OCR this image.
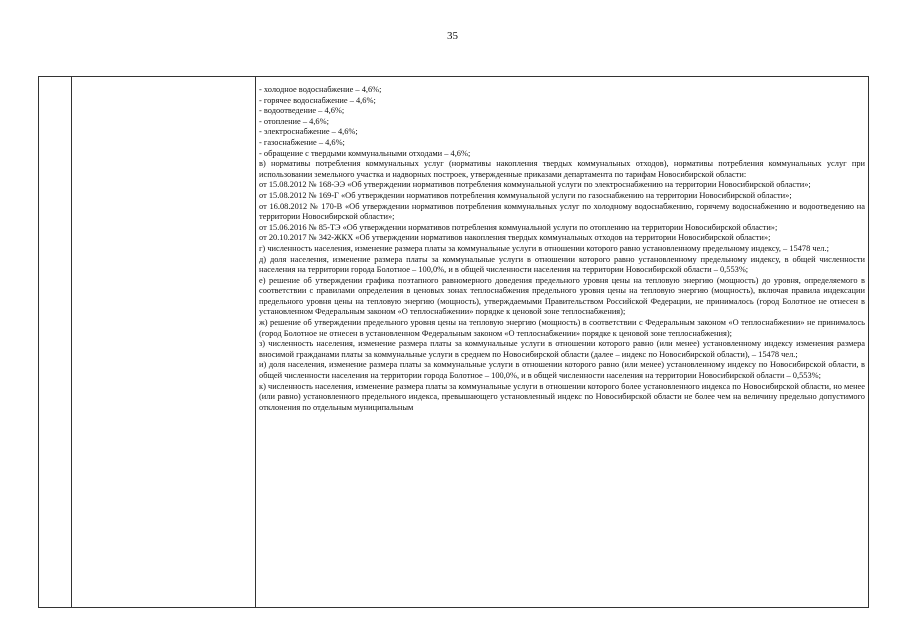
35

- холодное водоснабжение – 4,6%;

- горячее водоснабжение – 4,6%;

- водоотведение – 4,6%;

- отопление – 4,6%;

- электроснабжение – 4,6%;

- газоснабжение – 4,6%;

- обращение с твердыми коммунальными отходами – 4,6%;

в) нормативы потребления коммунальных услуг (нормативы накопления твердых коммунальных отходов), нормативы потребления коммунальных услуг при использовании земельного участка и надворных построек, утвержденные приказами департамента по тарифам Новосибирской области:

от 15.08.2012 № 168-ЭЭ «Об утверждении нормативов потребления коммунальной услуги по электроснабжению на территории Новосибирской области»;

от 15.08.2012 № 169-Г «Об утверждении нормативов потребления коммунальной услуги по газоснабжению на территории Новосибирской области»;

от 16.08.2012 № 170-В «Об утверждении нормативов потребления коммунальных услуг по холодному водоснабжению, горячему водоснабжению и водоотведению на территории Новосибирской области»;

от 15.06.2016 № 85-ТЭ «Об утверждении нормативов потребления коммунальной услуги по отоплению на территории Новосибирской области»;

от 20.10.2017 № 342-ЖКХ «Об утверждении нормативов накопления твердых коммунальных отходов на территории Новосибирской области»;

г) численность населения, изменение размера платы за коммунальные услуги в отношении которого равно установленному предельному индексу, – 15478 чел.;

д) доля населения, изменение размера платы за коммунальные услуги в отношении которого равно установленному предельному индексу, в общей численности населения на территории города Болотное – 100,0%, и в общей численности населения на территории Новосибирской области – 0,553%;

е) решение об утверждении графика поэтапного равномерного доведения предельного уровня цены на тепловую энергию (мощность) до уровня, определяемого в соответствии с правилами определения в ценовых зонах теплоснабжения предельного уровня цены на тепловую энергию (мощность), включая правила индексации предельного уровня цены на тепловую энергию (мощность), утверждаемыми Правительством Российской Федерации, не принималось (город Болотное не отнесен в установленном Федеральным законом «О теплоснабжении» порядке к ценовой зоне теплоснабжения);

ж) решение об утверждении предельного уровня цены на тепловую энергию (мощность) в соответствии с Федеральным законом «О теплоснабжении» не принималось (город Болотное не отнесен в установленном Федеральным законом «О теплоснабжении» порядке к ценовой зоне теплоснабжения);

з) численность населения, изменение размера платы за коммунальные услуги в отношении которого равно (или менее) установленному индексу изменения размера вносимой гражданами платы за коммунальные услуги в среднем по Новосибирской области (далее – индекс по Новосибирской области), – 15478 чел.;

и) доля населения, изменение размера платы за коммунальные услуги в отношении которого равно (или менее) установленному индексу по Новосибирской области, в общей численности населения на территории города Болотное – 100,0%, и в общей численности населения на территории Новосибирской области – 0,553%;

к) численность населения, изменение размера платы за коммунальные услуги в отношении которого более установленного индекса по Новосибирской области, но менее (или равно) установленного предельного индекса, превышающего установленный индекс по Новосибирской области не более чем на величину предельно допустимого отклонения по отдельным муниципальным
